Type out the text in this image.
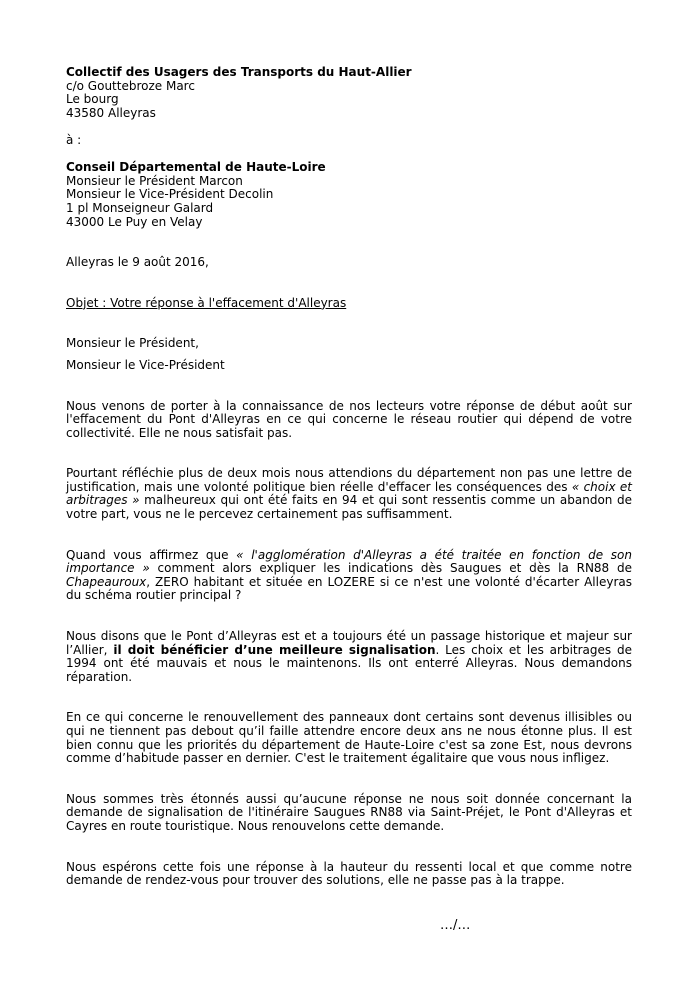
Collectif des Usagers des Transports du Haut-Allier
c/o Gouttebroze Marc
Le bourg
43580 Alleyras
à :
Conseil Départemental de Haute-Loire
Monsieur le Président Marcon
Monsieur le Vice-Président Decolin
1 pl Monseigneur Galard
43000 Le Puy en Velay
Alleyras le 9 août 2016,
Objet : Votre réponse à l'effacement d'Alleyras
Monsieur le Président,
Monsieur le Vice-Président
Nous venons de porter à la connaissance de nos lecteurs votre réponse de début août sur l'effacement du Pont d'Alleyras en ce qui concerne le réseau routier qui dépend de votre collectivité. Elle ne nous satisfait pas.
Pourtant réfléchie plus de deux mois nous attendions du département non pas une lettre de justification, mais une volonté politique bien réelle d'effacer les conséquences des « choix et arbitrages » malheureux qui ont été faits en 94 et qui sont ressentis comme un abandon de votre part, vous ne le percevez certainement pas suffisamment.
Quand vous affirmez que « l'agglomération d'Alleyras a été traitée en fonction de son importance » comment alors expliquer les indications dès Saugues et dès la RN88 de Chapeauroux, ZERO habitant et située en LOZERE si ce n'est une volonté d'écarter Alleyras du schéma routier principal ?
Nous disons que le Pont d’Alleyras est et a toujours été un passage historique et majeur sur l’Allier, il doit bénéficier d’une meilleure signalisation. Les choix et les arbitrages de 1994 ont été mauvais et nous le maintenons. Ils ont enterré Alleyras. Nous demandons réparation.
En ce qui concerne le renouvellement des panneaux dont certains sont devenus illisibles ou qui ne tiennent pas debout qu’il faille attendre encore deux ans ne nous étonne plus. Il est bien connu que les priorités du département de Haute-Loire c'est sa zone Est, nous devrons comme d’habitude passer en dernier. C'est le traitement égalitaire que vous nous infligez.
Nous sommes très étonnés aussi qu’aucune réponse ne nous soit donnée concernant la demande de signalisation de l'itinéraire Saugues RN88 via Saint-Préjet, le Pont d'Alleyras et Cayres en route touristique. Nous renouvelons cette demande.
Nous espérons cette fois une réponse à la hauteur du ressenti local et que comme notre demande de rendez-vous pour trouver des solutions, elle ne passe pas à la trappe.
…/…
